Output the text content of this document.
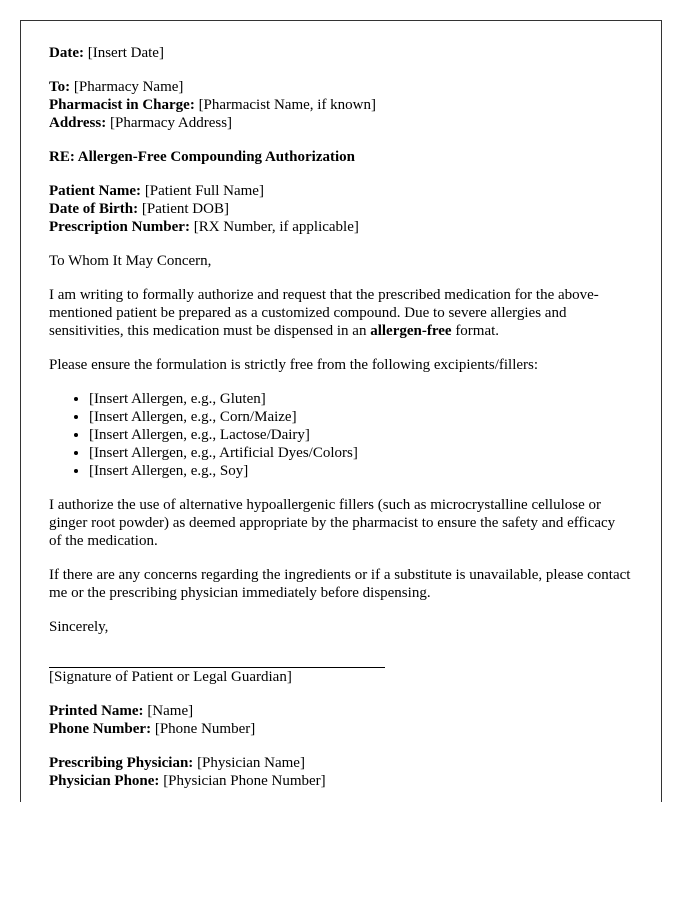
Date: [Insert Date]

To: [Pharmacy Name]
Pharmacist in Charge: [Pharmacist Name, if known]
Address: [Pharmacy Address]

RE: Allergen-Free Compounding Authorization

Patient Name: [Patient Full Name]
Date of Birth: [Patient DOB]
Prescription Number: [RX Number, if applicable]

To Whom It May Concern,

I am writing to formally authorize and request that the prescribed medication for the above-mentioned patient be prepared as a customized compound. Due to severe allergies and sensitivities, this medication must be dispensed in an allergen-free format.

Please ensure the formulation is strictly free from the following excipients/fillers:

• [Insert Allergen, e.g., Gluten]
• [Insert Allergen, e.g., Corn/Maize]
• [Insert Allergen, e.g., Lactose/Dairy]
• [Insert Allergen, e.g., Artificial Dyes/Colors]
• [Insert Allergen, e.g., Soy]

I authorize the use of alternative hypoallergenic fillers (such as microcrystalline cellulose or ginger root powder) as deemed appropriate by the pharmacist to ensure the safety and efficacy of the medication.

If there are any concerns regarding the ingredients or if a substitute is unavailable, please contact me or the prescribing physician immediately before dispensing.

Sincerely,

[Signature of Patient or Legal Guardian]

Printed Name: [Name]
Phone Number: [Phone Number]

Prescribing Physician: [Physician Name]
Physician Phone: [Physician Phone Number]
